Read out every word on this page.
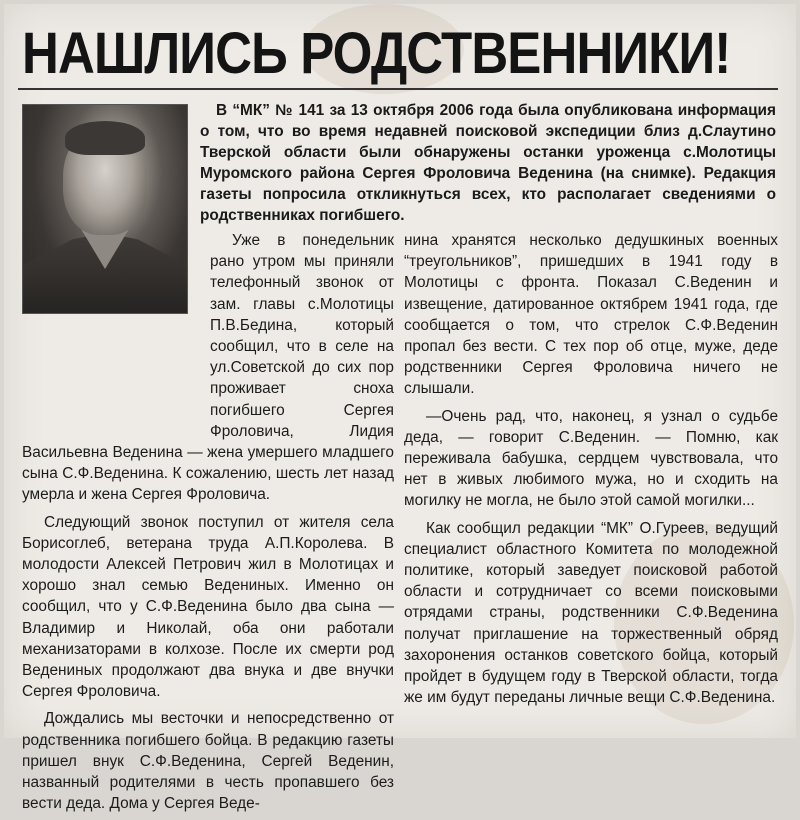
НАШЛИСЬ РОДСТВЕННИКИ!
В “МК” № 141 за 13 октября 2006 года была опубликована информация о том, что во время недавней поисковой экспедиции близ д.Слаутино Тверской области были обнаружены останки уроженца с.Молотицы Муромского района Сергея Фроловича Веденина (на снимке). Редакция газеты попросила откликнуться всех, кто располагает сведениями о родственниках погибшего.

Уже в понедельник рано утром мы приняли телефонный звонок от зам. главы с.Молотицы П.В.Бедина, который сообщил, что в селе на ул.Советской до сих пор проживает сноха погибшего Сергея Фроловича, Лидия Васильевна Веденина — жена умершего младшего сына С.Ф.Веденина. К сожалению, шесть лет назад умерла и жена Сергея Фроловича.

Следующий звонок поступил от жителя села Борисоглеб, ветерана труда А.П.Королева. В молодости Алексей Петрович жил в Молотицах и хорошо знал семью Ведениных. Именно он сообщил, что у С.Ф.Веденина было два сына — Владимир и Николай, оба они работали механизаторами в колхозе. После их смерти род Ведениных продолжают два внука и две внучки Сергея Фроловича.

Дождались мы весточки и непосредственно от родственника погибшего бойца. В редакцию газеты пришел внук С.Ф.Веденина, Сергей Веденин, названный родителями в честь пропавшего без вести деда. Дома у Сергея Веде-

нина хранятся несколько дедушкиных военных “треугольников”, пришедших в 1941 году в Молотицы с фронта. Показал С.Веденин и извещение, датированное октябрем 1941 года, где сообщается о том, что стрелок С.Ф.Веденин пропал без вести. С тех пор об отце, муже, деде родственники Сергея Фроловича ничего не слышали.

—Очень рад, что, наконец, я узнал о судьбе деда, — говорит С.Веденин. — Помню, как переживала бабушка, сердцем чувствовала, что нет в живых любимого мужа, но и сходить на могилку не могла, не было этой самой могилки...

Как сообщил редакции “МК” О.Гуреев, ведущий специалист областного Комитета по молодежной политике, который заведует поисковой работой области и сотрудничает со всеми поисковыми отрядами страны, родственники С.Ф.Веденина получат приглашение на торжественный обряд захоронения останков советского бойца, который пройдет в будущем году в Тверской области, тогда же им будут переданы личные вещи С.Ф.Веденина.
